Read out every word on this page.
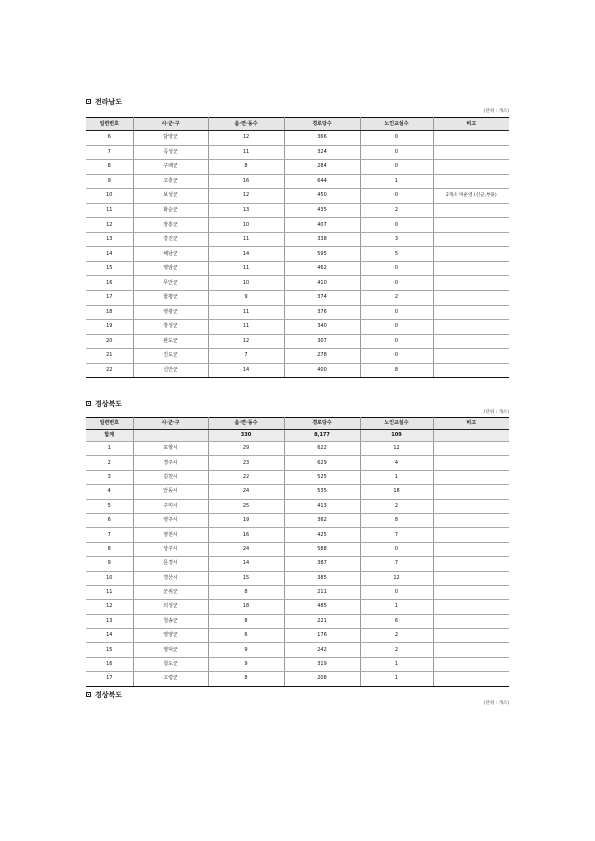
전라남도
(단위 : 개소)
일련번호	시·군·구	읍·면·동수	경로당수	노인교실수	비고
6	담양군	12	366	0	
7	곡성군	11	324	0	
8	구례군	8	284	0	
9	고흥군	16	644	1	
10	보성군	12	450	0	2개소 미운영 (신군,부용)
11	화순군	13	435	2	
12	장흥군	10	407	0	
13	강진군	11	338	3	
14	해남군	14	595	5	
15	영암군	11	462	0	
16	무안군	10	410	0	
17	함평군	9	374	2	
18	영광군	11	376	0	
19	장성군	11	340	0	
20	완도군	12	307	0	
21	진도군	7	278	0	
22	신안군	14	400	8	
경상북도
(단위 : 개소)
일련번호	시·군·구	읍·면·동수	경로당수	노인교실수	비고
합계		330	8,177	109	
1	포항시	29	622	12	
2	경주시	23	629	4	
3	김천시	22	525	1	
4	안동시	24	535	18	
5	구미시	25	413	2	
6	영주시	19	362	8	
7	영천시	16	425	7	
8	상주시	24	588	0	
9	문경시	14	387	7	
10	경산시	15	385	12	
11	군위군	8	211	0	
12	의성군	18	485	1	
13	청송군	8	221	6	
14	영양군	6	176	2	
15	영덕군	9	242	2	
16	청도군	9	319	1	
17	고령군	8	208	1	
경상북도
(단위 : 개소)
